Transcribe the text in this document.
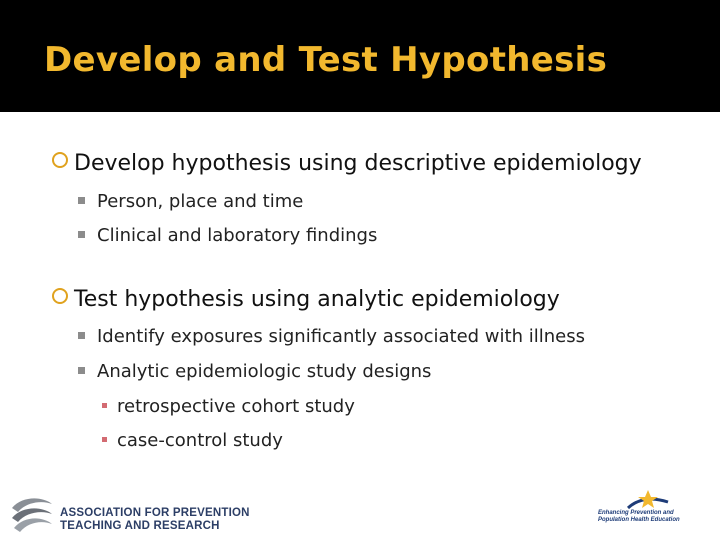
Develop and Test Hypothesis
Develop hypothesis using descriptive epidemiology
Person, place and time
Clinical and laboratory findings
Test hypothesis using analytic epidemiology
Identify exposures significantly associated with illness
Analytic epidemiologic study designs
retrospective cohort study
case-control study
ASSOCIATION FOR PREVENTION
TEACHING AND RESEARCH
Enhancing Prevention and
Population Health Education
